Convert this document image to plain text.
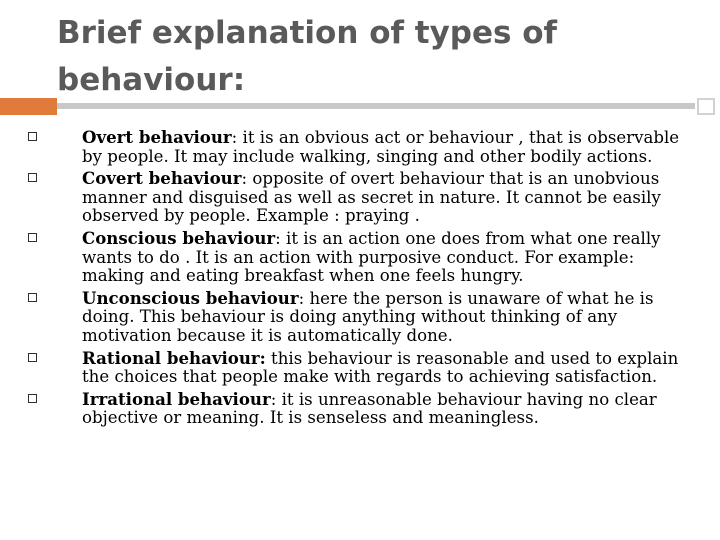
Brief explanation of types of behaviour:
Overt behaviour: it is an obvious act or behaviour , that is observable by people. It may include walking, singing and other bodily actions.
Covert behaviour: opposite of overt behaviour that is an unobvious manner and disguised as well as secret in nature. It cannot be easily observed by people. Example : praying .
Conscious behaviour: it is an action one does from what one really wants to do . It is an action with purposive conduct. For example: making and eating breakfast when one feels hungry.
Unconscious behaviour: here the person is unaware of what he is doing. This behaviour is doing anything without thinking of any motivation because it is automatically done.
Rational behaviour: this behaviour is reasonable and used to explain the choices that people make with regards to achieving satisfaction.
Irrational behaviour: it is unreasonable behaviour having no clear objective or meaning. It is senseless and meaningless.
